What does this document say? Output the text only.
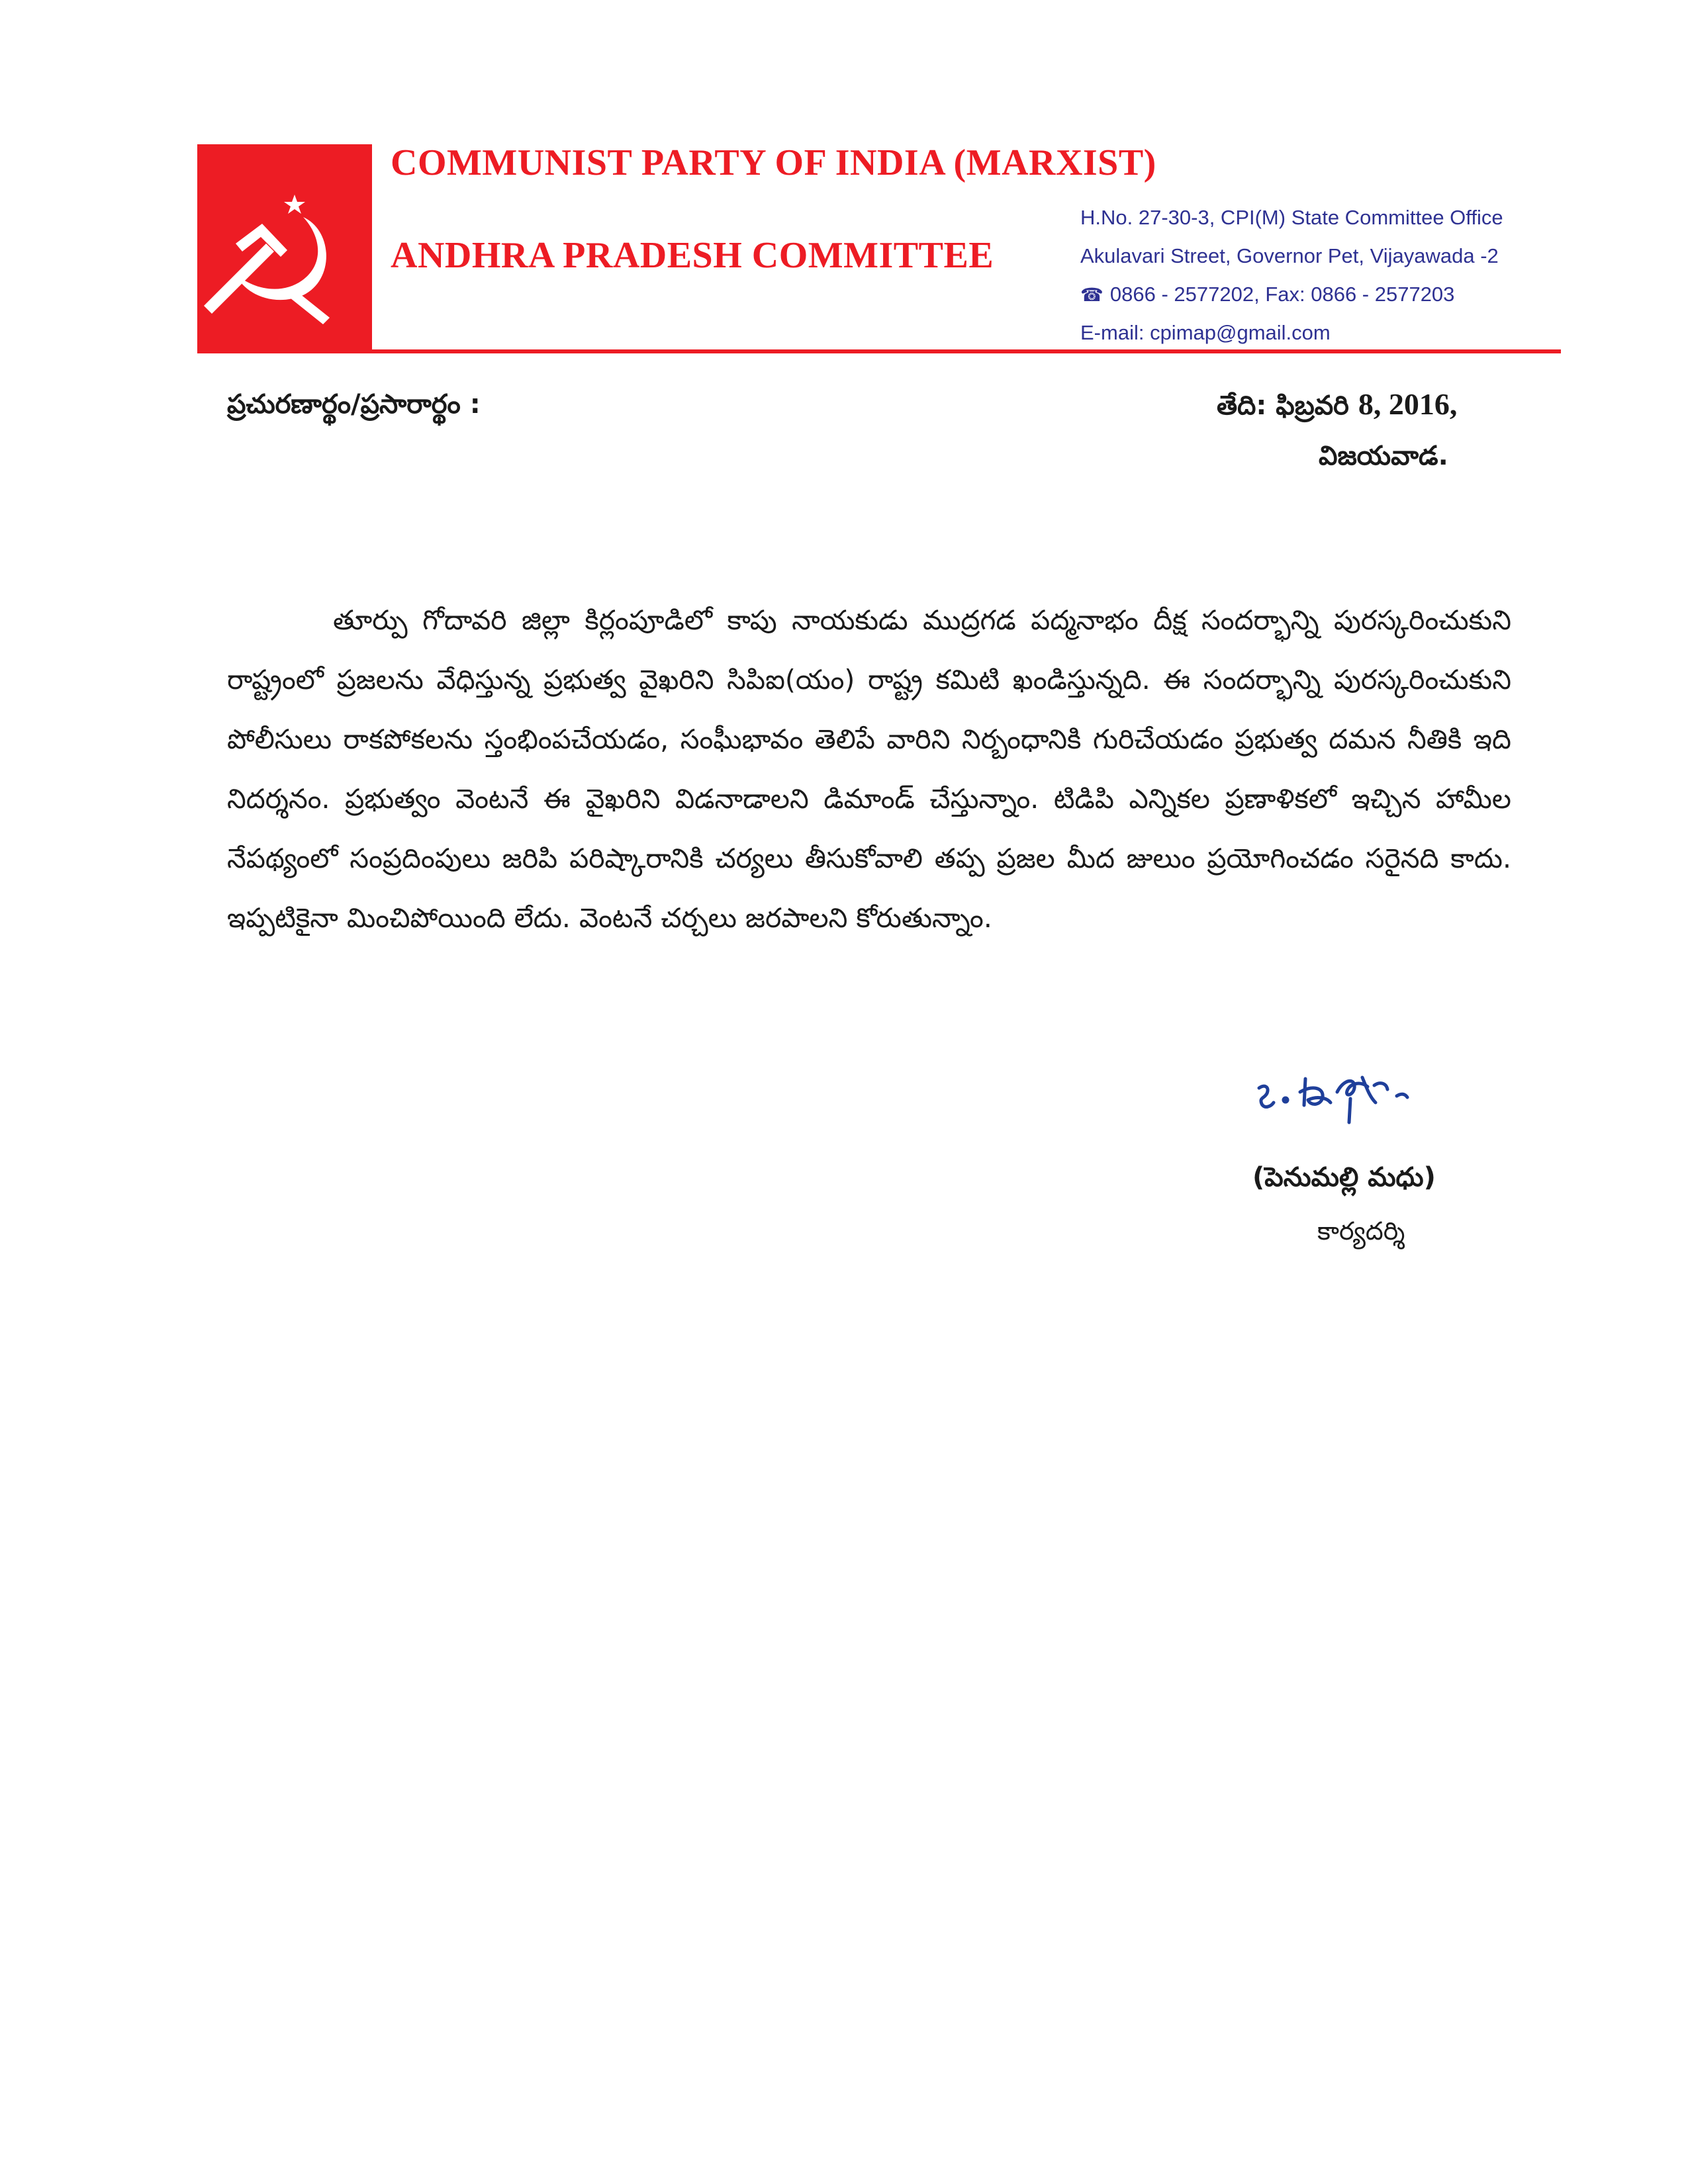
COMMUNIST PARTY OF INDIA (MARXIST)
ANDHRA PRADESH COMMITTEE
H.No. 27-30-3, CPI(M) State Committee Office
Akulavari Street, Governor Pet, Vijayawada -2
☎ 0866 - 2577202, Fax: 0866 - 2577203
E-mail: cpimap@gmail.com
ప్రచురణార్థం/ప్రసారార్థం :	తేది: ఫిబ్రవరి 8, 2016,
విజయవాడ.

తూర్పు గోదావరి జిల్లా కిర్లంపూడిలో కాపు నాయకుడు ముద్రగడ పద్మనాభం దీక్ష సందర్భాన్ని పురస్కరించుకుని రాష్ట్రంలో ప్రజలను వేధిస్తున్న ప్రభుత్వ వైఖరిని సిపిఐ(యం) రాష్ట్ర కమిటి ఖండిస్తున్నది. ఈ సందర్భాన్ని పురస్కరించుకుని పోలీసులు రాకపోకలను స్తంభింపచేయడం, సంఘీభావం తెలిపే వారిని నిర్బంధానికి గురిచేయడం ప్రభుత్వ దమన నీతికి ఇది నిదర్శనం. ప్రభుత్వం వెంటనే ఈ వైఖరిని విడనాడాలని డిమాండ్ చేస్తున్నాం. టిడిపి ఎన్నికల ప్రణాళికలో ఇచ్చిన హామీల నేపథ్యంలో సంప్రదింపులు జరిపి పరిష్కారానికి చర్యలు తీసుకోవాలి తప్ప ప్రజల మీద జులుం ప్రయోగించడం సరైనది కాదు. ఇప్పటికైనా మించిపోయింది లేదు. వెంటనే చర్చలు జరపాలని కోరుతున్నాం.

(పెనుమల్లి మధు)
కార్యదర్శి
